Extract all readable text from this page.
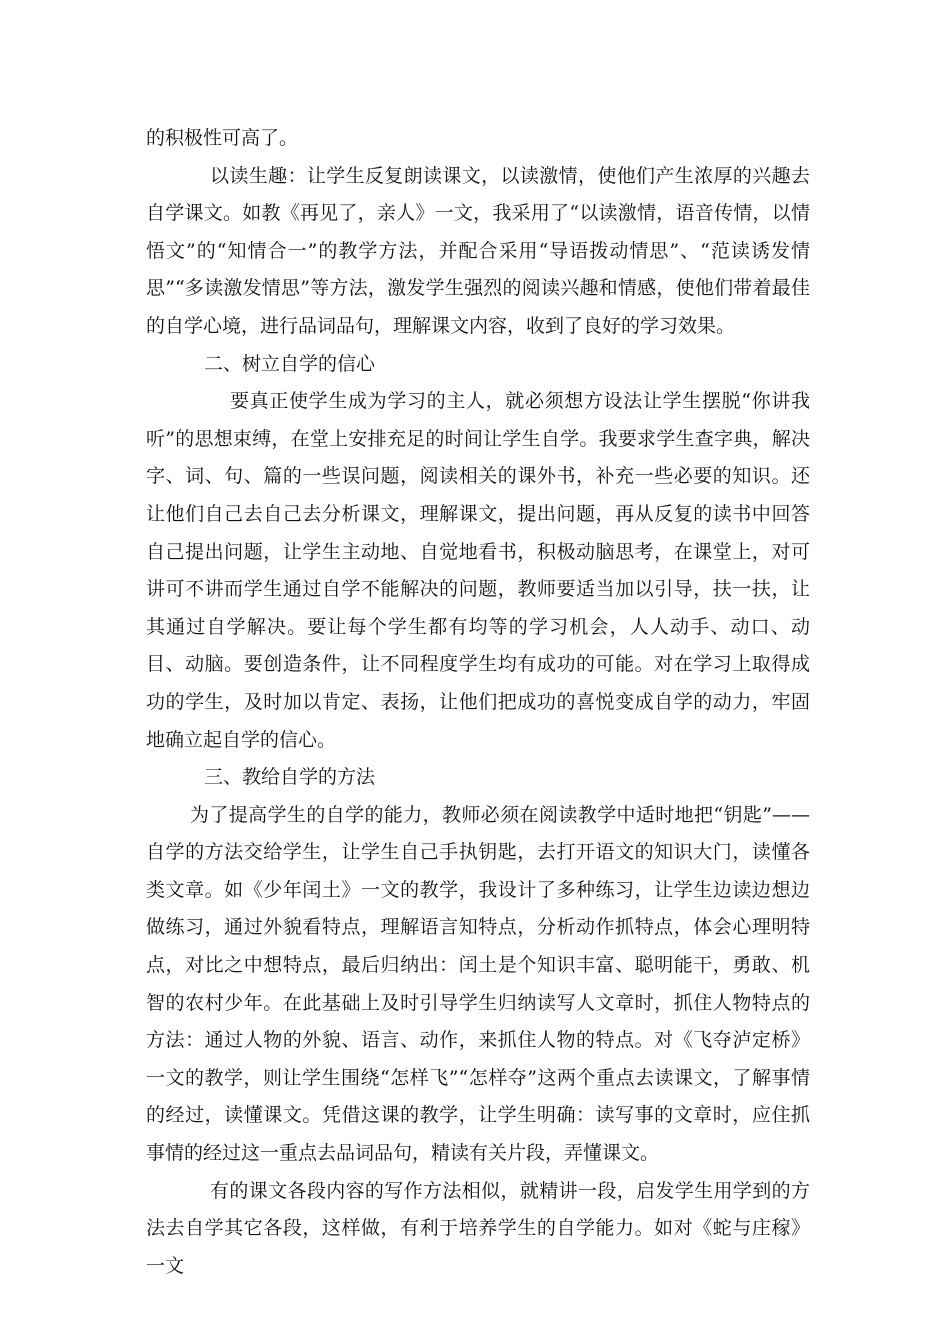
的积极性可高了。

以读生趣：让学生反复朗读课文，以读激情，使他们产生浓厚的兴趣去自学课文。如教《再见了，亲人》一文，我采用了“以读激情，语音传情，以情悟文”的“知情合一”的教学方法，并配合采用“导语拨动情思”、“范读诱发情思”“多读激发情思”等方法，激发学生强烈的阅读兴趣和情感，使他们带着最佳的自学心境，进行品词品句，理解课文内容，收到了良好的学习效果。

二、树立自学的信心

要真正使学生成为学习的主人，就必须想方设法让学生摆脱“你讲我听”的思想束缚，在堂上安排充足的时间让学生自学。我要求学生查字典，解决字、词、句、篇的一些误问题，阅读相关的课外书，补充一些必要的知识。还让他们自己去自己去分析课文，理解课文，提出问题，再从反复的读书中回答自己提出问题，让学生主动地、自觉地看书，积极动脑思考，在课堂上，对可讲可不讲而学生通过自学不能解决的问题，教师要适当加以引导，扶一扶，让其通过自学解决。要让每个学生都有均等的学习机会，人人动手、动口、动目、动脑。要创造条件，让不同程度学生均有成功的可能。对在学习上取得成功的学生，及时加以肯定、表扬，让他们把成功的喜悦变成自学的动力，牢固地确立起自学的信心。

三、教给自学的方法

为了提高学生的自学的能力，教师必须在阅读教学中适时地把“钥匙”——自学的方法交给学生，让学生自己手执钥匙，去打开语文的知识大门，读懂各类文章。如《少年闰土》一文的教学，我设计了多种练习，让学生边读边想边做练习，通过外貌看特点，理解语言知特点，分析动作抓特点，体会心理明特点，对比之中想特点，最后归纳出：闰土是个知识丰富、聪明能干，勇敢、机智的农村少年。在此基础上及时引导学生归纳读写人文章时，抓住人物特点的方法：通过人物的外貌、语言、动作，来抓住人物的特点。对《飞夺泸定桥》一文的教学，则让学生围绕“怎样飞”“怎样夺”这两个重点去读课文，了解事情的经过，读懂课文。凭借这课的教学，让学生明确：读写事的文章时，应住抓事情的经过这一重点去品词品句，精读有关片段，弄懂课文。

有的课文各段内容的写作方法相似，就精讲一段，启发学生用学到的方法去自学其它各段，这样做，有利于培养学生的自学能力。如对《蛇与庄稼》一文
